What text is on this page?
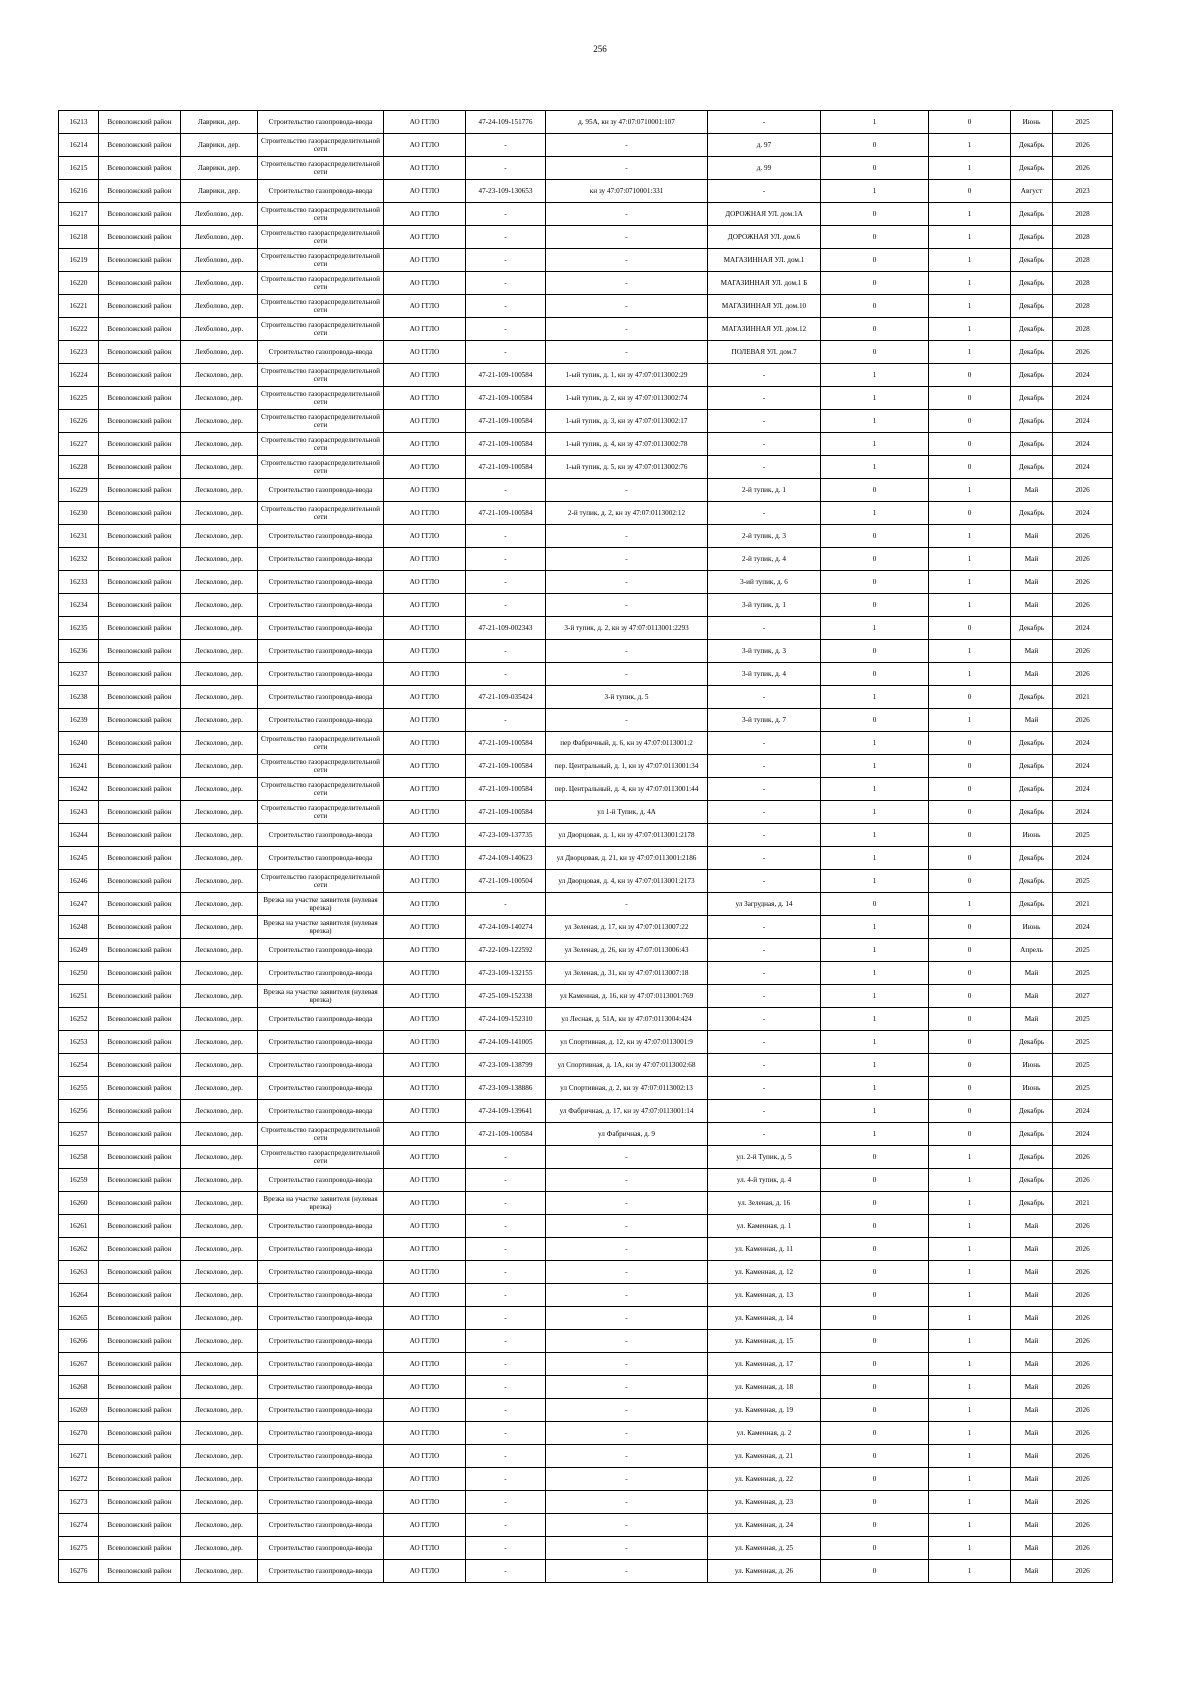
256
16213	Всеволожский район	Лаврики, дер.	Строительство газопровода-ввода	АО ГГЛО	47-24-109-151776	д. 95А, кн зу 47:07:0710001:107	-	1	0	Июнь	2025
16214	Всеволожский район	Лаврики, дер.	Строительство газораспределительной сети	АО ГГЛО	-	-	д. 97	0	1	Декабрь	2026
16215	Всеволожский район	Лаврики, дер.	Строительство газораспределительной сети	АО ГГЛО	-	-	д. 99	0	1	Декабрь	2026
16216	Всеволожский район	Лаврики, дер.	Строительство газопровода-ввода	АО ГГЛО	47-23-109-130653	кн зу 47:07:0710001:331	-	1	0	Август	2023
16217	Всеволожский район	Лехболово, дер.	Строительство газораспределительной сети	АО ГГЛО	-	-	ДОРОЖНАЯ УЛ. дом.1А	0	1	Декабрь	2028
16218	Всеволожский район	Лехболово, дер.	Строительство газораспределительной сети	АО ГГЛО	-	-	ДОРОЖНАЯ УЛ. дом.6	0	1	Декабрь	2028
16219	Всеволожский район	Лехболово, дер.	Строительство газораспределительной сети	АО ГГЛО	-	-	МАГАЗИННАЯ УЛ. дом.1	0	1	Декабрь	2028
16220	Всеволожский район	Лехболово, дер.	Строительство газораспределительной сети	АО ГГЛО	-	-	МАГАЗИННАЯ УЛ. дом.1 Б	0	1	Декабрь	2028
16221	Всеволожский район	Лехболово, дер.	Строительство газораспределительной сети	АО ГГЛО	-	-	МАГАЗИННАЯ УЛ. дом.10	0	1	Декабрь	2028
16222	Всеволожский район	Лехболово, дер.	Строительство газораспределительной сети	АО ГГЛО	-	-	МАГАЗИННАЯ УЛ. дом.12	0	1	Декабрь	2028
16223	Всеволожский район	Лехболово, дер.	Строительство газопровода-ввода	АО ГГЛО	-	-	ПОЛЕВАЯ УЛ. дом.7	0	1	Декабрь	2026
16224	Всеволожский район	Лесколово, дер.	Строительство газораспределительной сети	АО ГГЛО	47-21-109-100584	1-ый тупик, д. 1, кн зу 47:07:0113002:29	-	1	0	Декабрь	2024
16225	Всеволожский район	Лесколово, дер.	Строительство газораспределительной сети	АО ГГЛО	47-21-109-100584	1-ый тупик, д. 2, кн зу 47:07:0113002:74	-	1	0	Декабрь	2024
16226	Всеволожский район	Лесколово, дер.	Строительство газораспределительной сети	АО ГГЛО	47-21-109-100584	1-ый тупик, д. 3, кн зу 47:07:0113002:17	-	1	0	Декабрь	2024
16227	Всеволожский район	Лесколово, дер.	Строительство газораспределительной сети	АО ГГЛО	47-21-109-100584	1-ый тупик, д. 4, кн зу 47:07:0113002:78	-	1	0	Декабрь	2024
16228	Всеволожский район	Лесколово, дер.	Строительство газораспределительной сети	АО ГГЛО	47-21-109-100584	1-ый тупик, д. 5, кн зу 47:07:0113002:76	-	1	0	Декабрь	2024
16229	Всеволожский район	Лесколово, дер.	Строительство газопровода-ввода	АО ГГЛО	-	-	2-й тупик, д. 1	0	1	Май	2026
16230	Всеволожский район	Лесколово, дер.	Строительство газораспределительной сети	АО ГГЛО	47-21-109-100584	2-й тупик, д. 2, кн зу 47:07:0113002:12	-	1	0	Декабрь	2024
16231	Всеволожский район	Лесколово, дер.	Строительство газопровода-ввода	АО ГГЛО	-	-	2-й тупик, д. 3	0	1	Май	2026
16232	Всеволожский район	Лесколово, дер.	Строительство газопровода-ввода	АО ГГЛО	-	-	2-й тупик, д. 4	0	1	Май	2026
16233	Всеволожский район	Лесколово, дер.	Строительство газопровода-ввода	АО ГГЛО	-	-	3-ий тупик, д. 6	0	1	Май	2026
16234	Всеволожский район	Лесколово, дер.	Строительство газопровода-ввода	АО ГГЛО	-	-	3-й тупик, д. 1	0	1	Май	2026
16235	Всеволожский район	Лесколово, дер.	Строительство газопровода-ввода	АО ГГЛО	47-21-109-002343	3-й тупик, д. 2, кн зу 47:07:0113001:2293	-	1	0	Декабрь	2024
16236	Всеволожский район	Лесколово, дер.	Строительство газопровода-ввода	АО ГГЛО	-	-	3-й тупик, д. 3	0	1	Май	2026
16237	Всеволожский район	Лесколово, дер.	Строительство газопровода-ввода	АО ГГЛО	-	-	3-й тупик, д. 4	0	1	Май	2026
16238	Всеволожский район	Лесколово, дер.	Строительство газопровода-ввода	АО ГГЛО	47-21-109-035424	3-й тупик, д. 5	-	1	0	Декабрь	2021
16239	Всеволожский район	Лесколово, дер.	Строительство газопровода-ввода	АО ГГЛО	-	-	3-й тупик, д. 7	0	1	Май	2026
16240	Всеволожский район	Лесколово, дер.	Строительство газораспределительной сети	АО ГГЛО	47-21-109-100584	пер Фабричный, д. 6, кн зу 47:07:0113001:2	-	1	0	Декабрь	2024
16241	Всеволожский район	Лесколово, дер.	Строительство газораспределительной сети	АО ГГЛО	47-21-109-100584	пер. Центральный, д. 1, кн зу 47:07:0113001:34	-	1	0	Декабрь	2024
16242	Всеволожский район	Лесколово, дер.	Строительство газораспределительной сети	АО ГГЛО	47-21-109-100584	пер. Центральный, д. 4, кн зу 47:07:0113001:44	-	1	0	Декабрь	2024
16243	Всеволожский район	Лесколово, дер.	Строительство газораспределительной сети	АО ГГЛО	47-21-109-100584	ул 1-й Тупик, д. 4А	-	1	0	Декабрь	2024
16244	Всеволожский район	Лесколово, дер.	Строительство газопровода-ввода	АО ГГЛО	47-23-109-137735	ул Дворцовая, д. 1, кн зу 47:07:0113001:2178	-	1	0	Июнь	2025
16245	Всеволожский район	Лесколово, дер.	Строительство газопровода-ввода	АО ГГЛО	47-24-109-140623	ул Дворцовая, д. 21, кн зу 47:07:0113001:2186	-	1	0	Декабрь	2024
16246	Всеволожский район	Лесколово, дер.	Строительство газораспределительной сети	АО ГГЛО	47-21-109-100504	ул Дворцовая, д. 4, кн зу 47:07:0113001:2173	-	1	0	Декабрь	2025
16247	Всеволожский район	Лесколово, дер.	Врезка на участке заявителя (нулевая врезка)	АО ГГЛО	-	-	ул Загрудная, д. 14	0	1	Декабрь	2021
16248	Всеволожский район	Лесколово, дер.	Врезка на участке заявителя (нулевая врезка)	АО ГГЛО	47-24-109-140274	ул Зеленая, д. 17, кн зу 47:07:0113007:22	-	1	0	Июнь	2024
16249	Всеволожский район	Лесколово, дер.	Строительство газопровода-ввода	АО ГГЛО	47-22-109-122592	ул Зеленая, д. 26, кн зу 47:07:0113006:43	-	1	0	Апрель	2025
16250	Всеволожский район	Лесколово, дер.	Строительство газопровода-ввода	АО ГГЛО	47-23-109-132155	ул Зеленая, д. 31, кн зу 47:07:0113007:18	-	1	0	Май	2025
16251	Всеволожский район	Лесколово, дер.	Врезка на участке заявителя (нулевая врезка)	АО ГГЛО	47-25-109-152338	ул Каменная, д. 16, кн зу 47:07:0113001:769	-	1	0	Май	2027
16252	Всеволожский район	Лесколово, дер.	Строительство газопровода-ввода	АО ГГЛО	47-24-109-152310	ул Лесная, д. 51А, кн зу 47:07:0113004:424	-	1	0	Май	2025
16253	Всеволожский район	Лесколово, дер.	Строительство газопровода-ввода	АО ГГЛО	47-24-109-141005	ул Спортивная, д. 12, кн зу 47:07:0113001:9	-	1	0	Декабрь	2025
16254	Всеволожский район	Лесколово, дер.	Строительство газопровода-ввода	АО ГГЛО	47-23-109-138799	ул Спортивная, д. 1А, кн зу 47:07:0113002:68	-	1	0	Июнь	2025
16255	Всеволожский район	Лесколово, дер.	Строительство газопровода-ввода	АО ГГЛО	47-23-109-138886	ул Спортивная, д. 2, кн зу 47:07:0113002:13	-	1	0	Июнь	2025
16256	Всеволожский район	Лесколово, дер.	Строительство газопровода-ввода	АО ГГЛО	47-24-109-139641	ул Фабричная, д. 17, кн зу 47:07:0113001:14	-	1	0	Декабрь	2024
16257	Всеволожский район	Лесколово, дер.	Строительство газораспределительной сети	АО ГГЛО	47-21-109-100584	ул Фабричная, д. 9	-	1	0	Декабрь	2024
16258	Всеволожский район	Лесколово, дер.	Строительство газораспределительной сети	АО ГГЛО	-	-	ул. 2-й Тупик, д. 5	0	1	Декабрь	2026
16259	Всеволожский район	Лесколово, дер.	Строительство газопровода-ввода	АО ГГЛО	-	-	ул. 4-й тупик, д. 4	0	1	Декабрь	2026
16260	Всеволожский район	Лесколово, дер.	Врезка на участке заявителя (нулевая врезка)	АО ГГЛО	-	-	ул. Зеленая, д. 16	0	1	Декабрь	2021
16261	Всеволожский район	Лесколово, дер.	Строительство газопровода-ввода	АО ГГЛО	-	-	ул. Каменная, д. 1	0	1	Май	2026
16262	Всеволожский район	Лесколово, дер.	Строительство газопровода-ввода	АО ГГЛО	-	-	ул. Каменная, д. 11	0	1	Май	2026
16263	Всеволожский район	Лесколово, дер.	Строительство газопровода-ввода	АО ГГЛО	-	-	ул. Каменная, д. 12	0	1	Май	2026
16264	Всеволожский район	Лесколово, дер.	Строительство газопровода-ввода	АО ГГЛО	-	-	ул. Каменная, д. 13	0	1	Май	2026
16265	Всеволожский район	Лесколово, дер.	Строительство газопровода-ввода	АО ГГЛО	-	-	ул. Каменная, д. 14	0	1	Май	2026
16266	Всеволожский район	Лесколово, дер.	Строительство газопровода-ввода	АО ГГЛО	-	-	ул. Каменная, д. 15	0	1	Май	2026
16267	Всеволожский район	Лесколово, дер.	Строительство газопровода-ввода	АО ГГЛО	-	-	ул. Каменная, д. 17	0	1	Май	2026
16268	Всеволожский район	Лесколово, дер.	Строительство газопровода-ввода	АО ГГЛО	-	-	ул. Каменная, д. 18	0	1	Май	2026
16269	Всеволожский район	Лесколово, дер.	Строительство газопровода-ввода	АО ГГЛО	-	-	ул. Каменная, д. 19	0	1	Май	2026
16270	Всеволожский район	Лесколово, дер.	Строительство газопровода-ввода	АО ГГЛО	-	-	ул. Каменная, д. 2	0	1	Май	2026
16271	Всеволожский район	Лесколово, дер.	Строительство газопровода-ввода	АО ГГЛО	-	-	ул. Каменная, д. 21	0	1	Май	2026
16272	Всеволожский район	Лесколово, дер.	Строительство газопровода-ввода	АО ГГЛО	-	-	ул. Каменная, д. 22	0	1	Май	2026
16273	Всеволожский район	Лесколово, дер.	Строительство газопровода-ввода	АО ГГЛО	-	-	ул. Каменная, д. 23	0	1	Май	2026
16274	Всеволожский район	Лесколово, дер.	Строительство газопровода-ввода	АО ГГЛО	-	-	ул. Каменная, д. 24	0	1	Май	2026
16275	Всеволожский район	Лесколово, дер.	Строительство газопровода-ввода	АО ГГЛО	-	-	ул. Каменная, д. 25	0	1	Май	2026
16276	Всеволожский район	Лесколово, дер.	Строительство газопровода-ввода	АО ГГЛО	-	-	ул. Каменная, д. 26	0	1	Май	2026
